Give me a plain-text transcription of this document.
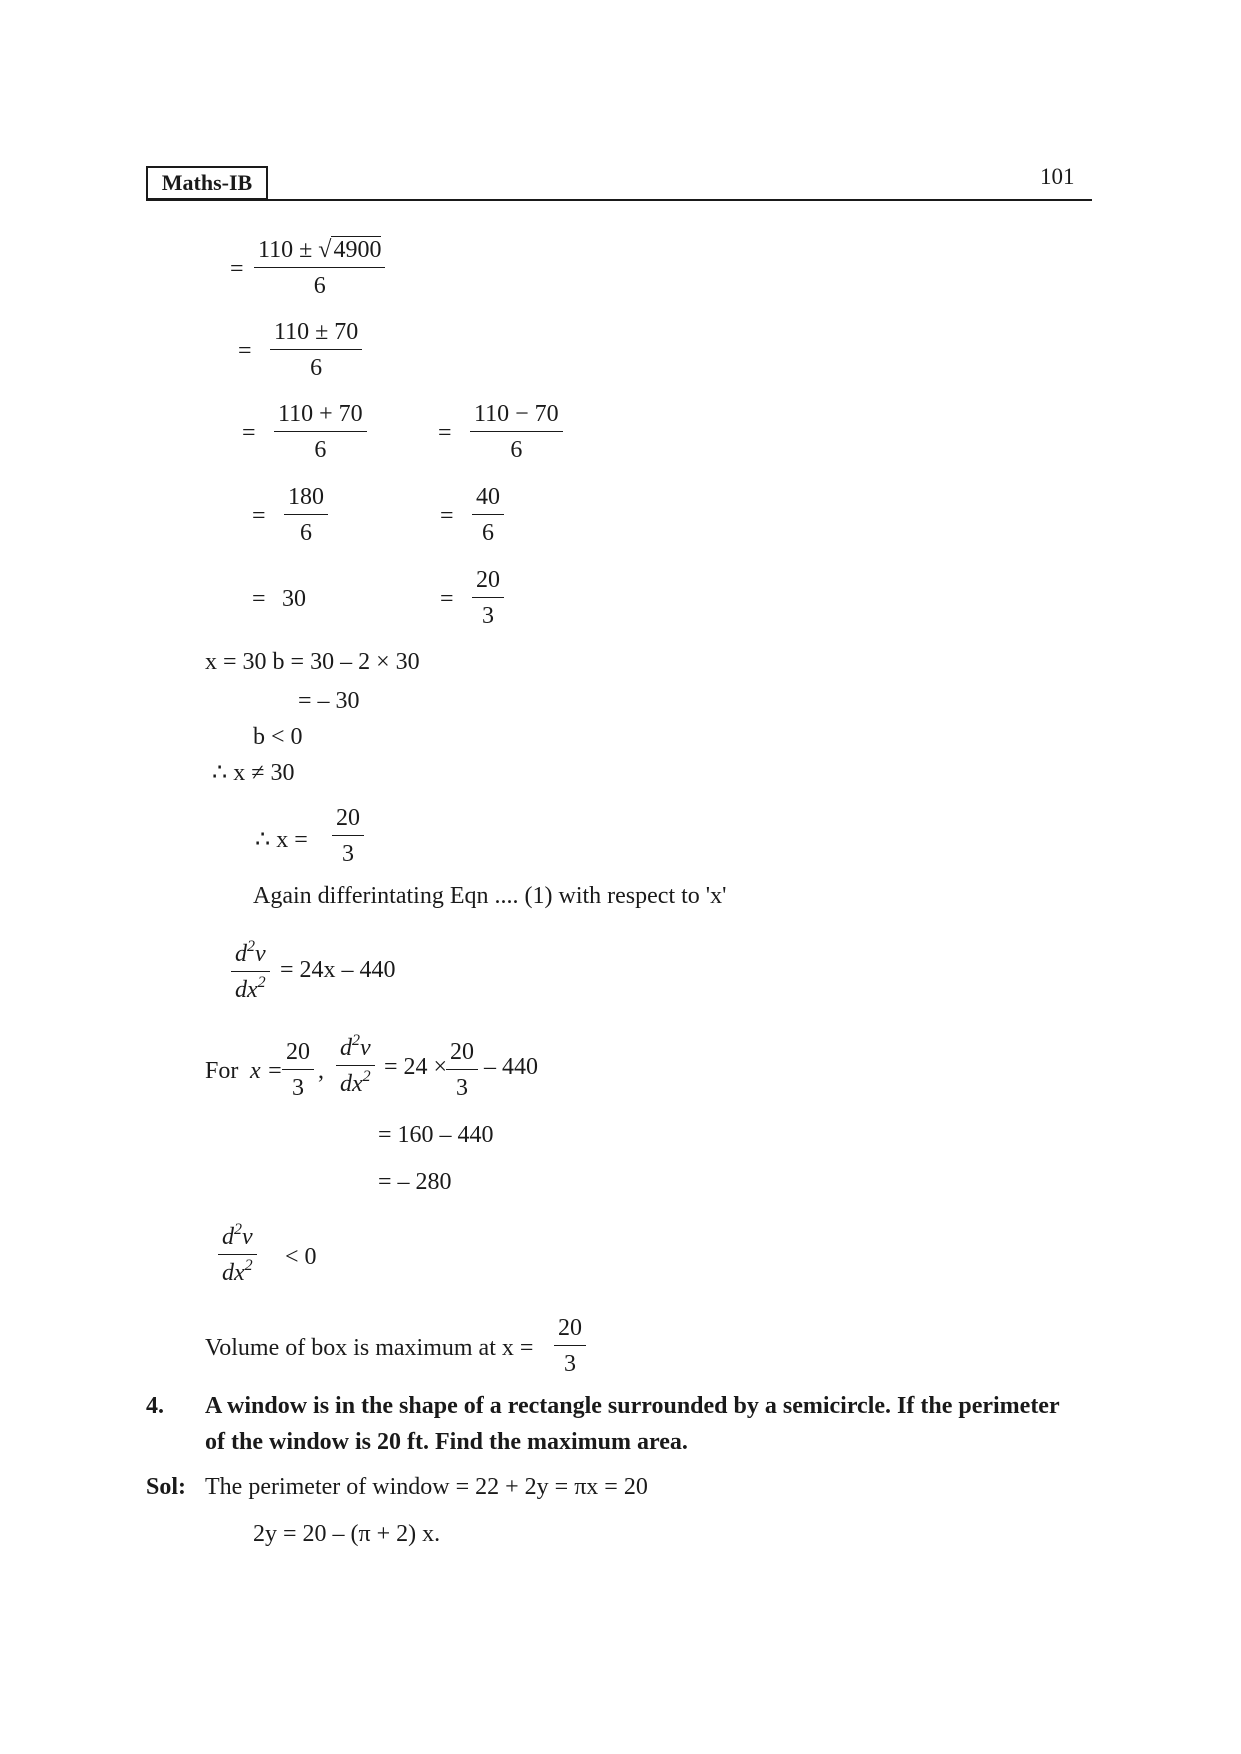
Maths-IB	101
= $\frac{110 \pm √4900}{6}$
= $\frac{110 \pm 70}{6}$
= $\frac{110 + 70}{6}$	= $\frac{110 - 70}{6}$
= $\frac{180}{6}$	= $\frac{40}{6}$
= 30	= $\frac{20}{3}$
x = 30 b = 30 – 2 × 30
= – 30
b < 0
∴ x ≠ 30
∴ $x = \frac{20}{3}$
Again differintating Eqn .... (1) with respect to 'x'
$\frac{d^2v}{dx^2} = 24x - 440$
For $x = \frac{20}{3}$ , $\frac{d^2v}{dx^2} = 24$ ×
$\frac{20}{3} - 440$
= 160 – 440
= – 280
$\frac{d^2v}{dx^2} < 0$
Volume of box is maximum at $x = \frac{20}{3}$
4. A window is in the shape of a rectangle surrounded by a semicircle. If the perimeter
of the window is 20 ft. Find the maximum area.
Sol: The perimeter of window = 22 + 2y = πx = 20
2y = 20 – (π + 2) x.
